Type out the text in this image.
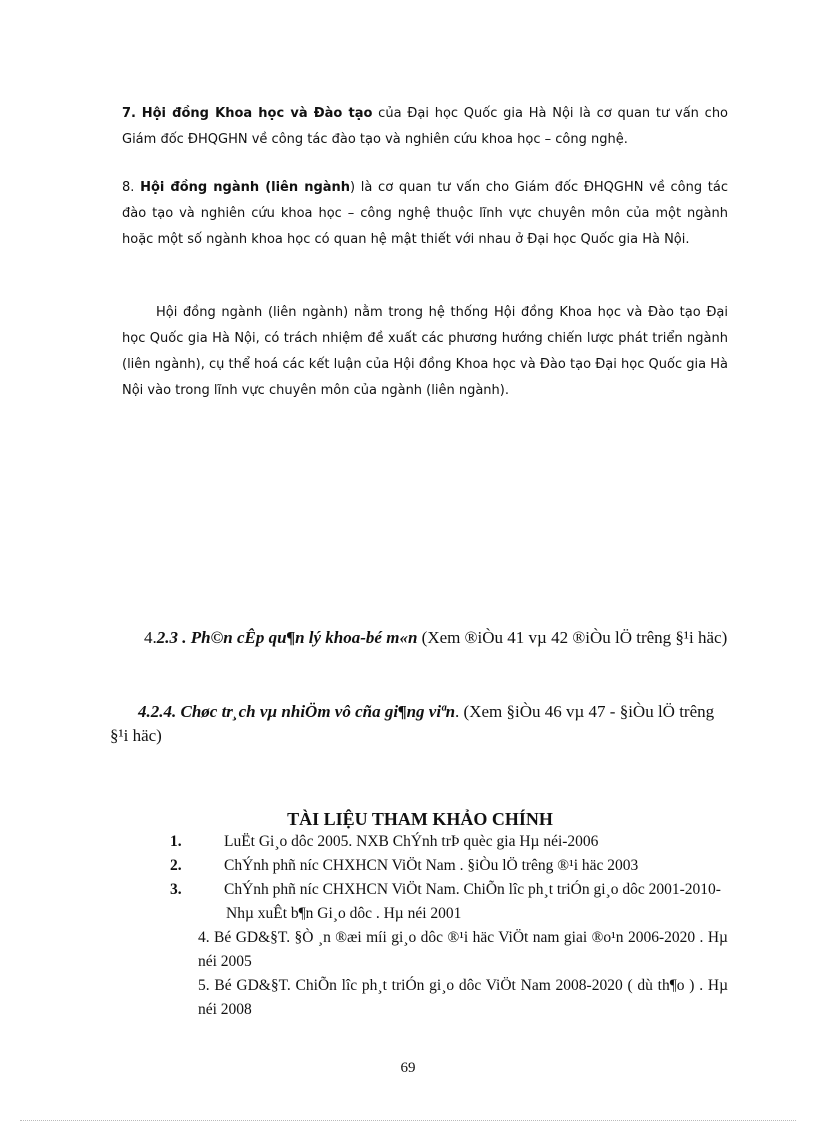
7. Hội đồng Khoa học và Đào tạo của Đại học Quốc gia Hà Nội là cơ quan tư vấn cho Giám đốc ĐHQGHN về công tác đào tạo và nghiên cứu khoa học – công nghệ.
8. Hội đồng ngành (liên ngành) là cơ quan tư vấn cho Giám đốc ĐHQGHN về công tác đào tạo và nghiên cứu khoa học – công nghệ thuộc lĩnh vực chuyên môn của một ngành hoặc một số ngành khoa học có quan hệ mật thiết với nhau ở Đại học Quốc gia Hà Nội.
Hội đồng ngành (liên ngành) nằm trong hệ thống Hội đồng Khoa học và Đào tạo Đại học Quốc gia Hà Nội, có trách nhiệm đề xuất các phương hướng chiến lược phát triển ngành (liên ngành), cụ thể hoá các kết luận của Hội đồng Khoa học và Đào tạo Đại học Quốc gia Hà Nội vào trong lĩnh vực chuyên môn của ngành (liên ngành).
4.2.3 . Ph©n cÊp qu¶n lý khoa-bé m«n (Xem ®iÒu 41 vµ 42 ®iÒu lÖ trêng §¹i häc)
4.2.4. Chøc tr¸ch vµ nhiÖm vô cña gi¶ng viªn. (Xem §iÒu 46 vµ 47 - §iÒu lÖ trêng §¹i häc)
TÀI LIỆU THAM KHẢO CHÍNH

1.	LuËt Gi¸o dôc 2005. NXB ChÝnh trÞ quèc gia Hµ néi-2006

2.	ChÝnh phñ níc CHXHCN ViÖt Nam . §iÒu lÖ trêng ®¹i häc 2003

3.	ChÝnh phñ níc CHXHCN ViÖt Nam. ChiÕn lîc ph¸t triÓn gi¸o dôc 2001-2010- Nhµ xuÊt b¶n Gi¸o dôc . Hµ néi 2001

4. Bé GD&§T. §Ò ¸n ®æi míi gi¸o dôc ®¹i häc ViÖt nam giai ®o¹n 2006-2020 . Hµ néi 2005

5. Bé GD&§T. ChiÕn lîc ph¸t triÓn gi¸o dôc ViÖt Nam 2008-2020 ( dù th¶o ) . Hµ néi 2008

69
